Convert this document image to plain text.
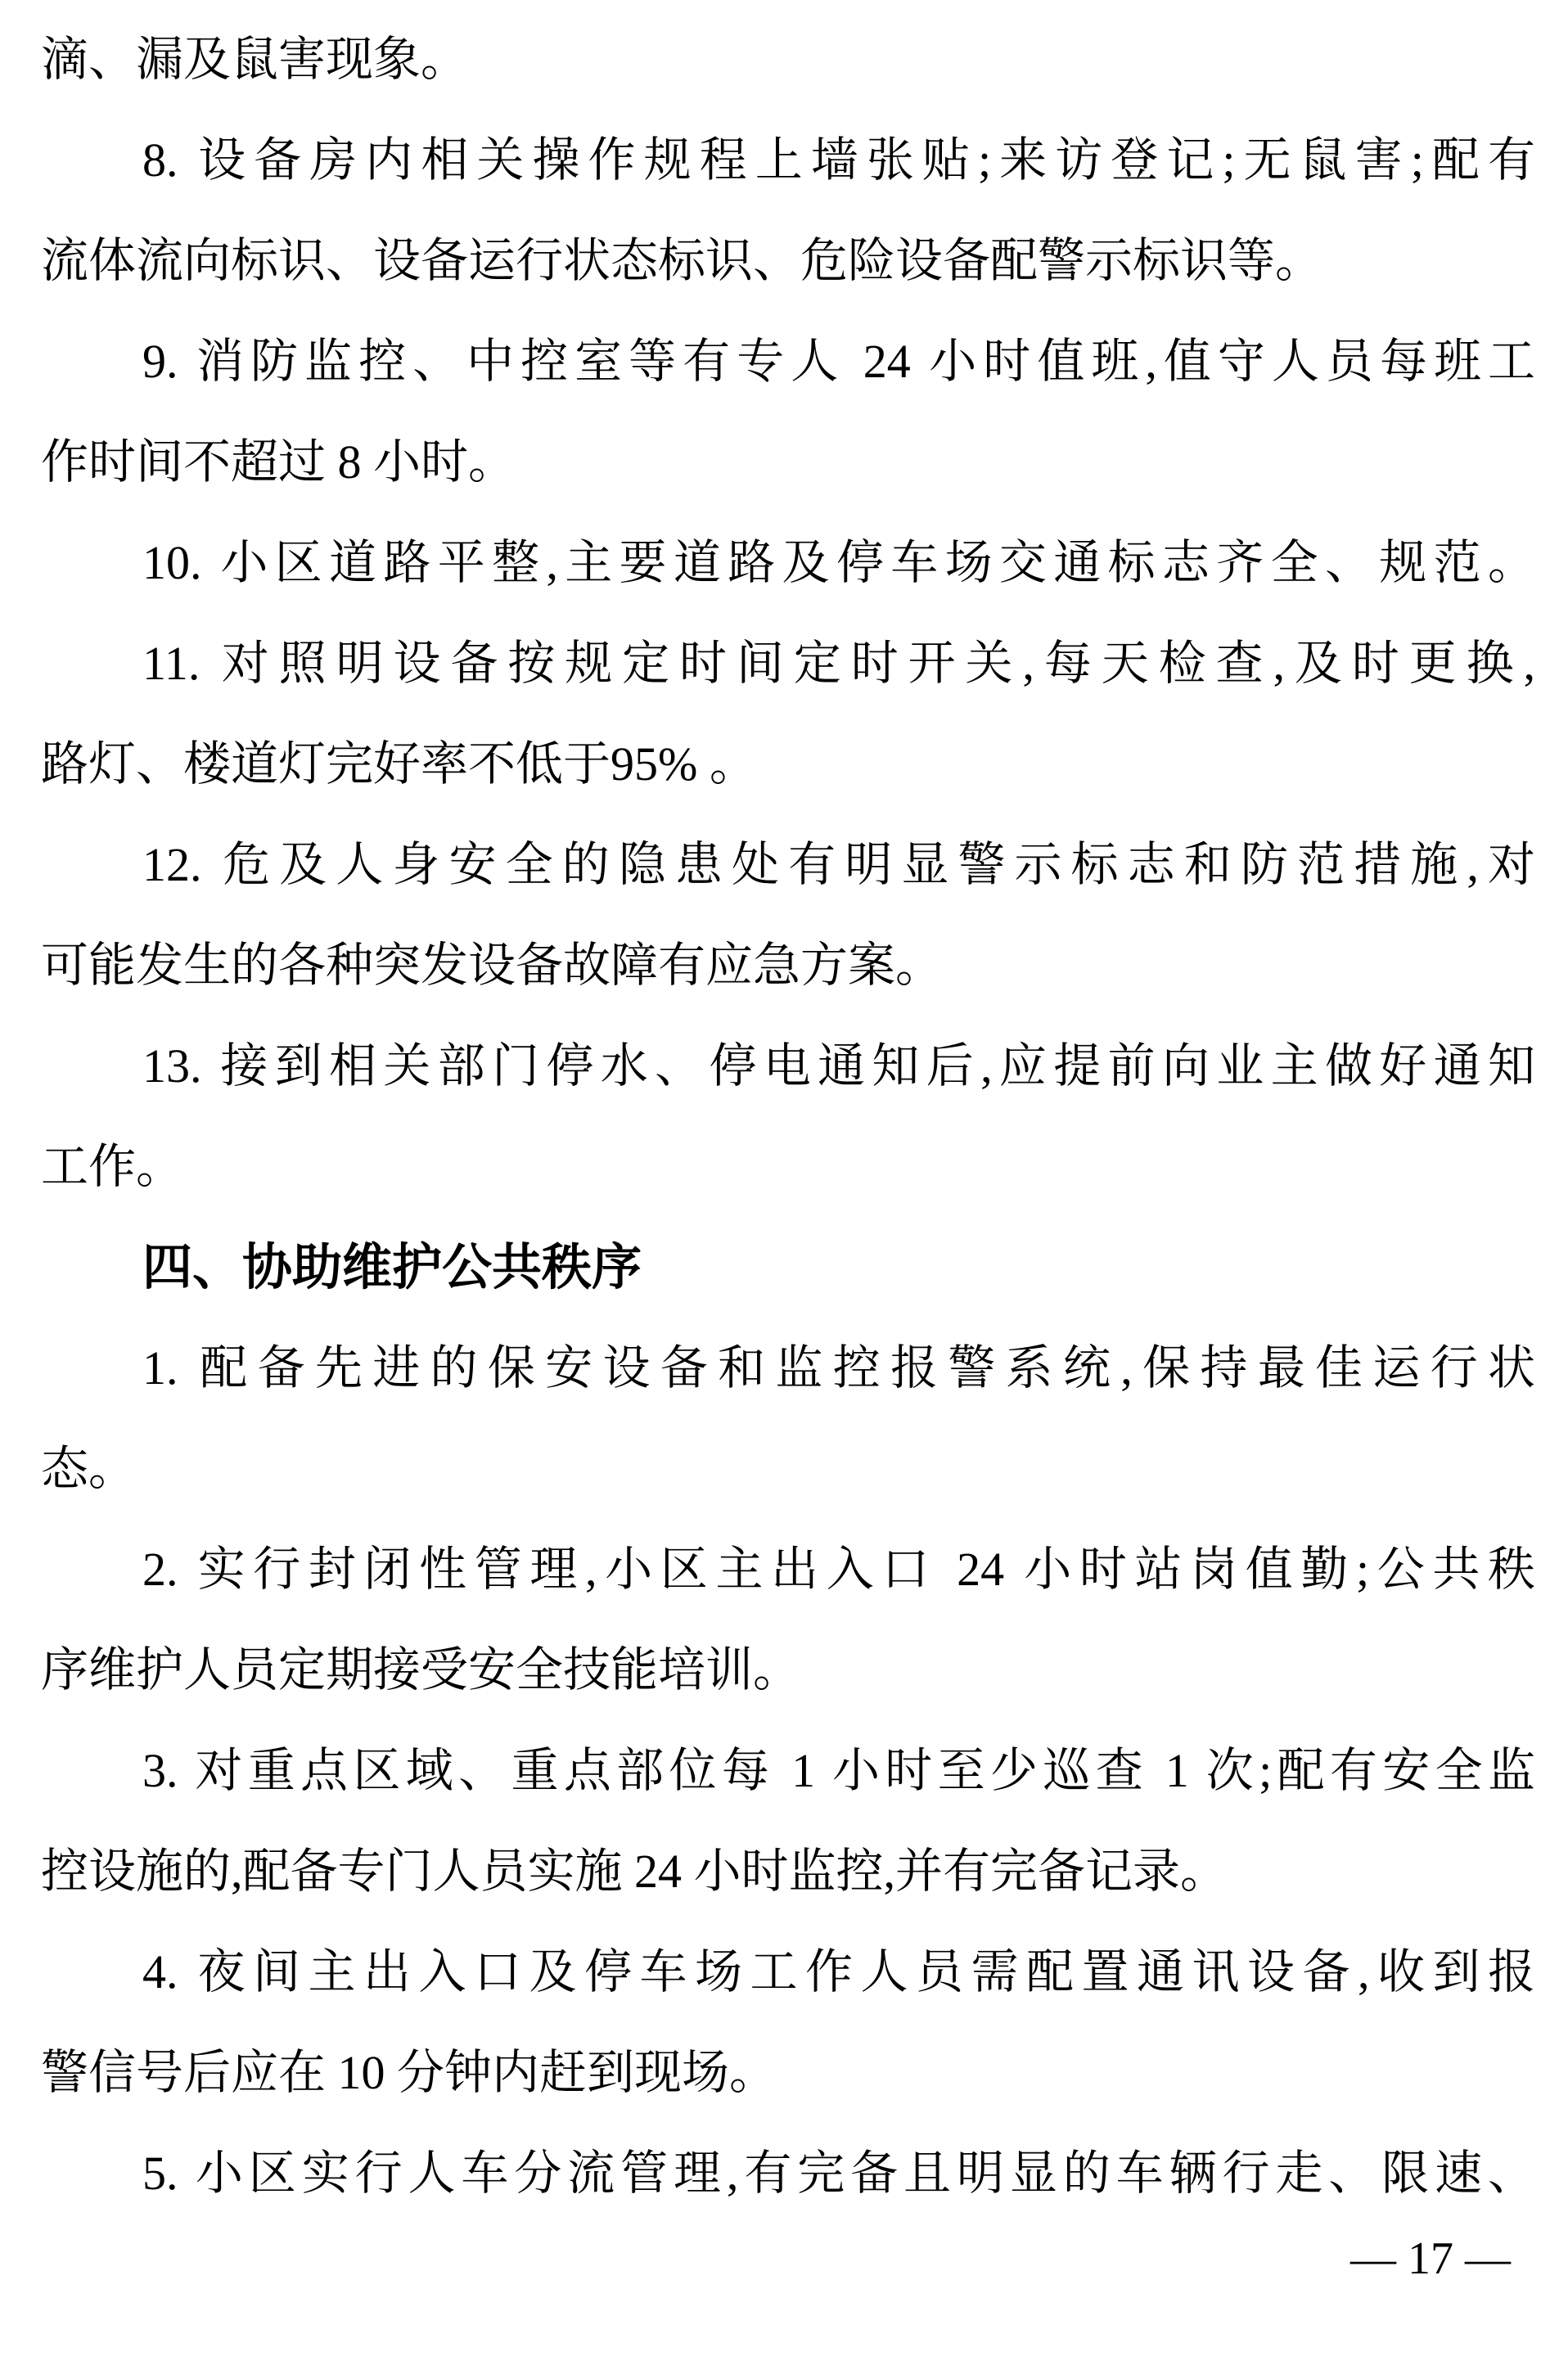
滴、漏及鼠害现象。
8. 设备房内相关操作规程上墙张贴;来访登记;无鼠害;配有
流体流向标识、设备运行状态标识、危险设备配警示标识等。
9. 消防监控、中控室等有专人 24 小时值班,值守人员每班工
作时间不超过 8 小时。
10. 小区道路平整,主要道路及停车场交通标志齐全、规范。
11. 对照明设备按规定时间定时开关,每天检查,及时更换,
路灯、楼道灯完好率不低于95% 。
12. 危及人身安全的隐患处有明显警示标志和防范措施,对
可能发生的各种突发设备故障有应急方案。
13. 接到相关部门停水、停电通知后,应提前向业主做好通知
工作。
四、协助维护公共秩序
1. 配备先进的保安设备和监控报警系统,保持最佳运行状
态。
2. 实行封闭性管理,小区主出入口 24 小时站岗值勤;公共秩
序维护人员定期接受安全技能培训。
3. 对重点区域、重点部位每 1 小时至少巡查 1 次;配有安全监
控设施的,配备专门人员实施 24 小时监控,并有完备记录。
4. 夜间主出入口及停车场工作人员需配置通讯设备,收到报
警信号后应在 10 分钟内赶到现场。
5. 小区实行人车分流管理,有完备且明显的车辆行走、限速、
— 17 —
